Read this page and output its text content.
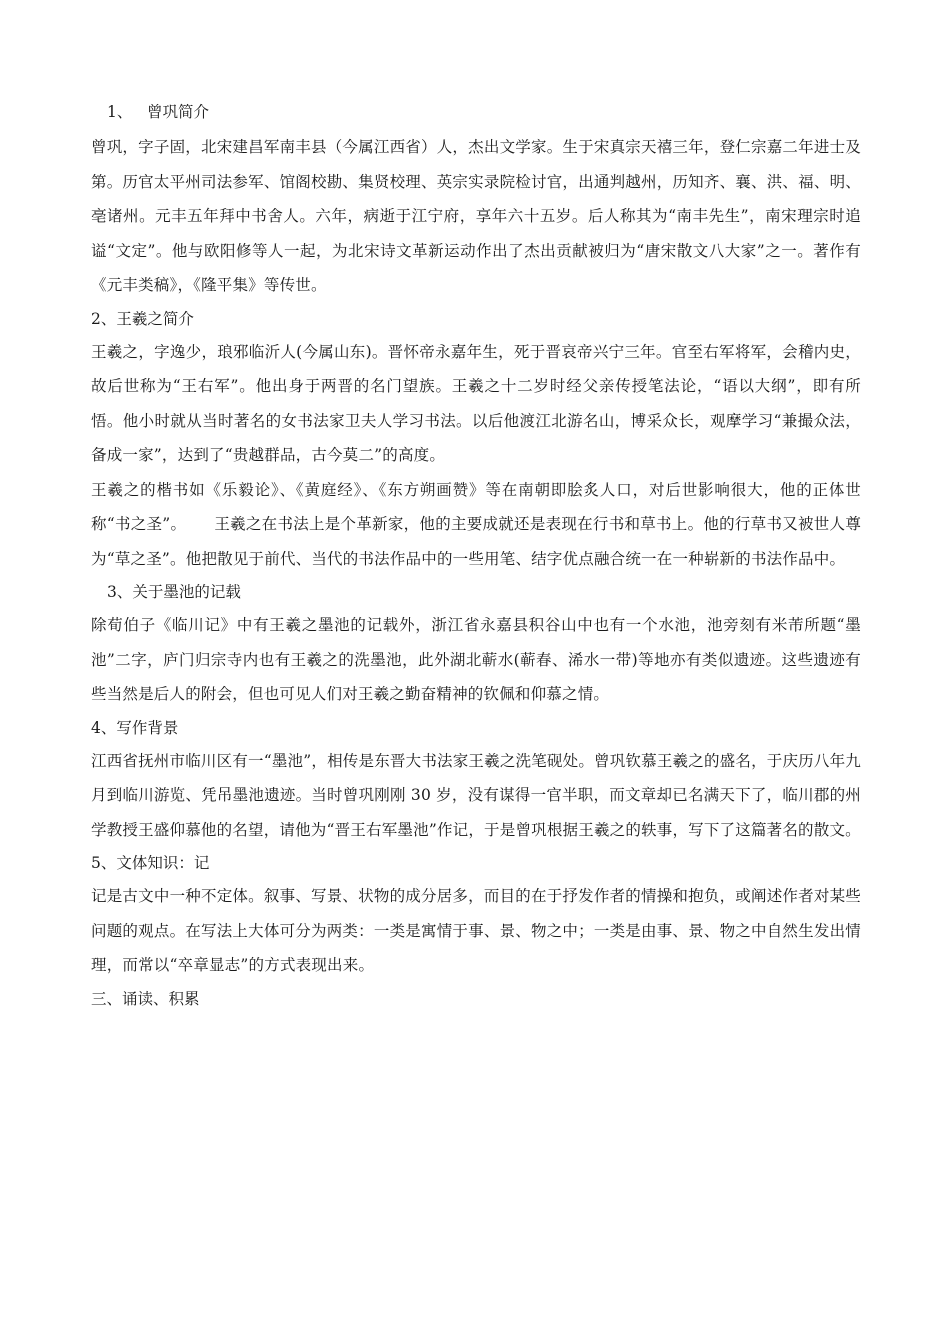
1、 曾巩简介

曾巩，字子固，北宋建昌军南丰县（今属江西省）人，杰出文学家。生于宋真宗天禧三年，登仁宗嘉二年进士及第。历官太平州司法参军、馆阁校勘、集贤校理、英宗实录院检讨官，出通判越州，历知齐、襄、洪、福、明、亳诸州。元丰五年拜中书舍人。六年，病逝于江宁府，享年六十五岁。后人称其为“南丰先生”，南宋理宗时追谥“文定”。他与欧阳修等人一起，为北宋诗文革新运动作出了杰出贡献被归为“唐宋散文八大家”之一。著作有《元丰类稿》，《隆平集》等传世。

2、王羲之简介

王羲之，字逸少，琅邪临沂人(今属山东)。晋怀帝永嘉年生，死于晋哀帝兴宁三年。官至右军将军，会稽内史，故后世称为“王右军”。他出身于两晋的名门望族。王羲之十二岁时经父亲传授笔法论，“语以大纲”，即有所悟。他小时就从当时著名的女书法家卫夫人学习书法。以后他渡江北游名山，博采众长，观摩学习“兼撮众法，备成一家”，达到了“贵越群品，古今莫二”的高度。

王羲之的楷书如《乐毅论》、《黄庭经》、《东方朔画赞》等在南朝即脍炙人口，对后世影响很大，他的正体世称“书之圣”。 王羲之在书法上是个革新家，他的主要成就还是表现在行书和草书上。他的行草书又被世人尊为“草之圣”。他把散见于前代、当代的书法作品中的一些用笔、结字优点融合统一在一种崭新的书法作品中。

3、关于墨池的记载

除荀伯子《临川记》中有王羲之墨池的记载外，浙江省永嘉县积谷山中也有一个水池，池旁刻有米芾所题“墨池”二字，庐门归宗寺内也有王羲之的洗墨池，此外湖北蕲水(蕲春、浠水一带)等地亦有类似遗迹。这些遗迹有些当然是后人的附会，但也可见人们对王羲之勤奋精神的钦佩和仰慕之情。

4、写作背景

江西省抚州市临川区有一“墨池”，相传是东晋大书法家王羲之洗笔砚处。曾巩钦慕王羲之的盛名，于庆历八年九月到临川游览、凭吊墨池遗迹。当时曾巩刚刚 30 岁，没有谋得一官半职，而文章却已名满天下了，临川郡的州学教授王盛仰慕他的名望，请他为“晋王右军墨池”作记，于是曾巩根据王羲之的轶事，写下了这篇著名的散文。

5、文体知识：记

记是古文中一种不定体。叙事、写景、状物的成分居多，而目的在于抒发作者的情操和抱负，或阐述作者对某些问题的观点。在写法上大体可分为两类：一类是寓情于事、景、物之中；一类是由事、景、物之中自然生发出情理，而常以“卒章显志”的方式表现出来。

三、诵读、积累
